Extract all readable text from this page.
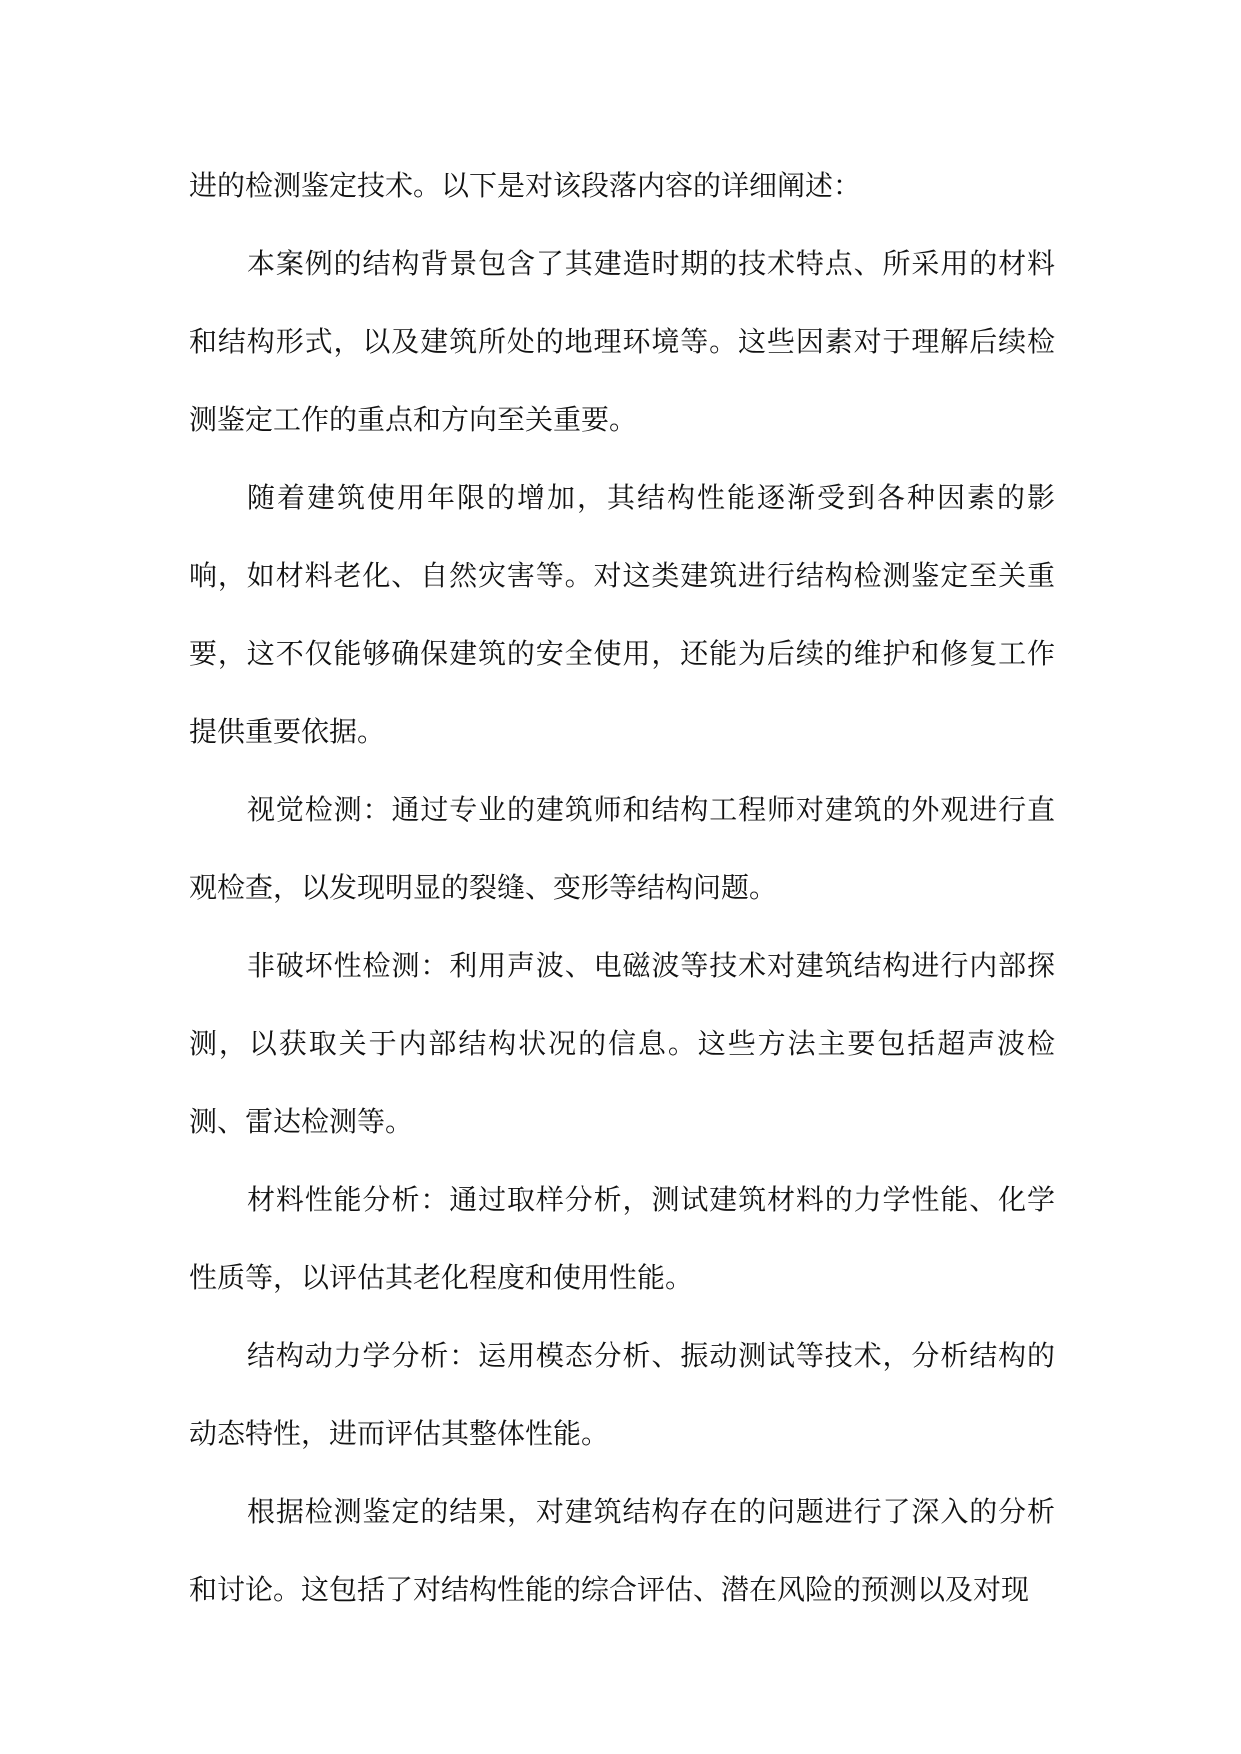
进的检测鉴定技术。以下是对该段落内容的详细阐述：

本案例的结构背景包含了其建造时期的技术特点、所采用的材料和结构形式，以及建筑所处的地理环境等。这些因素对于理解后续检测鉴定工作的重点和方向至关重要。

随着建筑使用年限的增加，其结构性能逐渐受到各种因素的影响，如材料老化、自然灾害等。对这类建筑进行结构检测鉴定至关重要，这不仅能够确保建筑的安全使用，还能为后续的维护和修复工作提供重要依据。

视觉检测：通过专业的建筑师和结构工程师对建筑的外观进行直观检查，以发现明显的裂缝、变形等结构问题。

非破坏性检测：利用声波、电磁波等技术对建筑结构进行内部探测，以获取关于内部结构状况的信息。这些方法主要包括超声波检测、雷达检测等。

材料性能分析：通过取样分析，测试建筑材料的力学性能、化学性质等，以评估其老化程度和使用性能。

结构动力学分析：运用模态分析、振动测试等技术，分析结构的动态特性，进而评估其整体性能。

根据检测鉴定的结果，对建筑结构存在的问题进行了深入的分析和讨论。这包括了对结构性能的综合评估、潜在风险的预测以及对现
